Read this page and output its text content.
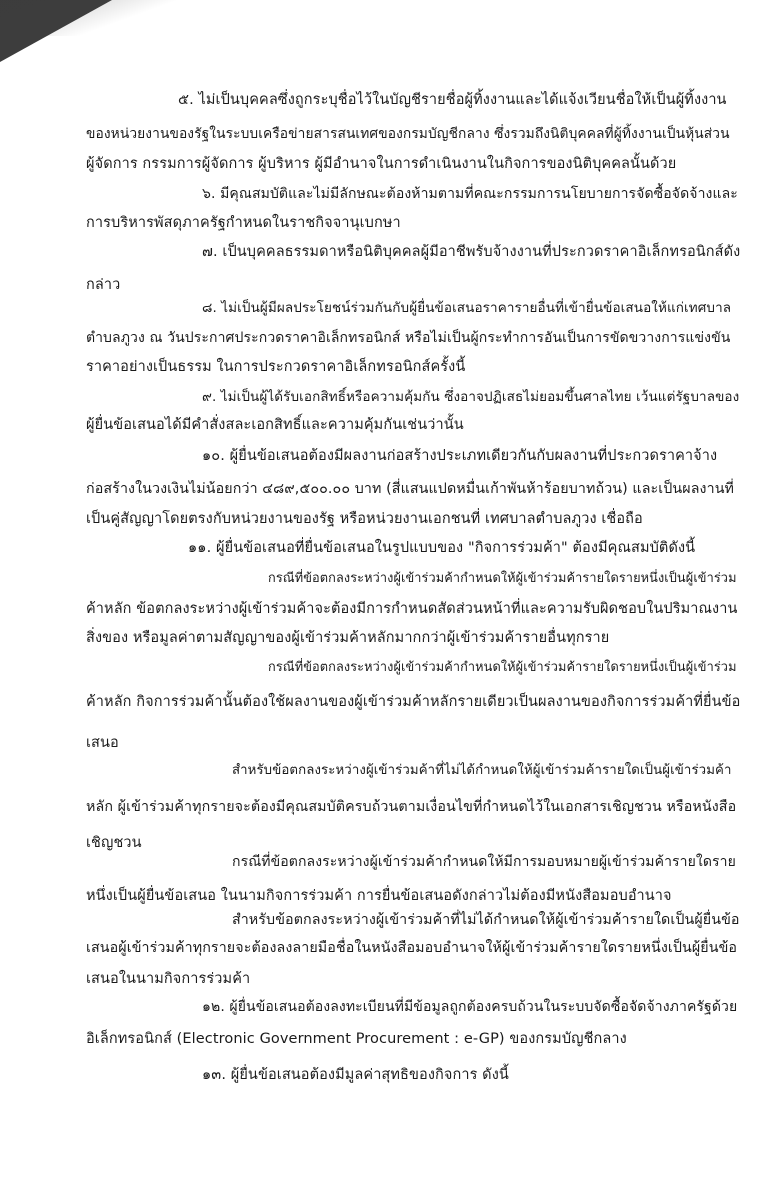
๕. ไม่เป็นบุคคลซึ่งถูกระบุชื่อไว้ในบัญชีรายชื่อผู้ทิ้งงานและได้แจ้งเวียนชื่อให้เป็นผู้ทิ้งงาน
ของหน่วยงานของรัฐในระบบเครือข่ายสารสนเทศของกรมบัญชีกลาง ซึ่งรวมถึงนิติบุคคลที่ผู้ทิ้งงานเป็นหุ้นส่วน
ผู้จัดการ กรรมการผู้จัดการ ผู้บริหาร ผู้มีอำนาจในการดำเนินงานในกิจการของนิติบุคคลนั้นด้วย
๖. มีคุณสมบัติและไม่มีลักษณะต้องห้ามตามที่คณะกรรมการนโยบายการจัดซื้อจัดจ้างและ
การบริหารพัสดุภาครัฐกำหนดในราชกิจจานุเบกษา
๗. เป็นบุคคลธรรมดาหรือนิติบุคคลผู้มีอาชีพรับจ้างงานที่ประกวดราคาอิเล็กทรอนิกส์ดัง
กล่าว
๘. ไม่เป็นผู้มีผลประโยชน์ร่วมกันกับผู้ยื่นข้อเสนอราคารายอื่นที่เข้ายื่นข้อเสนอให้แก่เทศบาล
ตำบลภูวง ณ วันประกาศประกวดราคาอิเล็กทรอนิกส์ หรือไม่เป็นผู้กระทำการอันเป็นการขัดขวางการแข่งขัน
ราคาอย่างเป็นธรรม ในการประกวดราคาอิเล็กทรอนิกส์ครั้งนี้
๙. ไม่เป็นผู้ได้รับเอกสิทธิ์หรือความคุ้มกัน ซึ่งอาจปฏิเสธไม่ยอมขึ้นศาลไทย เว้นแต่รัฐบาลของ
ผู้ยื่นข้อเสนอได้มีคำสั่งสละเอกสิทธิ์และความคุ้มกันเช่นว่านั้น
๑๐. ผู้ยื่นข้อเสนอต้องมีผลงานก่อสร้างประเภทเดียวกันกับผลงานที่ประกวดราคาจ้าง
ก่อสร้างในวงเงินไม่น้อยกว่า ๔๘๙,๕๐๐.๐๐ บาท (สี่แสนแปดหมื่นเก้าพันห้าร้อยบาทถ้วน) และเป็นผลงานที่
เป็นคู่สัญญาโดยตรงกับหน่วยงานของรัฐ หรือหน่วยงานเอกชนที่ เทศบาลตำบลภูวง เชื่อถือ
๑๑. ผู้ยื่นข้อเสนอที่ยื่นข้อเสนอในรูปแบบของ "กิจการร่วมค้า" ต้องมีคุณสมบัติดังนี้
กรณีที่ข้อตกลงระหว่างผู้เข้าร่วมค้ากำหนดให้ผู้เข้าร่วมค้ารายใดรายหนึ่งเป็นผู้เข้าร่วม
ค้าหลัก ข้อตกลงระหว่างผู้เข้าร่วมค้าจะต้องมีการกำหนดสัดส่วนหน้าที่และความรับผิดชอบในปริมาณงาน
สิ่งของ หรือมูลค่าตามสัญญาของผู้เข้าร่วมค้าหลักมากกว่าผู้เข้าร่วมค้ารายอื่นทุกราย
กรณีที่ข้อตกลงระหว่างผู้เข้าร่วมค้ากำหนดให้ผู้เข้าร่วมค้ารายใดรายหนึ่งเป็นผู้เข้าร่วม
ค้าหลัก กิจการร่วมค้านั้นต้องใช้ผลงานของผู้เข้าร่วมค้าหลักรายเดียวเป็นผลงานของกิจการร่วมค้าที่ยื่นข้อ
เสนอ
สำหรับข้อตกลงระหว่างผู้เข้าร่วมค้าที่ไม่ได้กำหนดให้ผู้เข้าร่วมค้ารายใดเป็นผู้เข้าร่วมค้า
หลัก ผู้เข้าร่วมค้าทุกรายจะต้องมีคุณสมบัติครบถ้วนตามเงื่อนไขที่กำหนดไว้ในเอกสารเชิญชวน หรือหนังสือ
เชิญชวน
กรณีที่ข้อตกลงระหว่างผู้เข้าร่วมค้ากำหนดให้มีการมอบหมายผู้เข้าร่วมค้ารายใดราย
หนึ่งเป็นผู้ยื่นข้อเสนอ ในนามกิจการร่วมค้า การยื่นข้อเสนอดังกล่าวไม่ต้องมีหนังสือมอบอำนาจ
สำหรับข้อตกลงระหว่างผู้เข้าร่วมค้าที่ไม่ได้กำหนดให้ผู้เข้าร่วมค้ารายใดเป็นผู้ยื่นข้อ
เสนอผู้เข้าร่วมค้าทุกรายจะต้องลงลายมือชื่อในหนังสือมอบอำนาจให้ผู้เข้าร่วมค้ารายใดรายหนึ่งเป็นผู้ยื่นข้อ
เสนอในนามกิจการร่วมค้า
๑๒. ผู้ยื่นข้อเสนอต้องลงทะเบียนที่มีข้อมูลถูกต้องครบถ้วนในระบบจัดซื้อจัดจ้างภาครัฐด้วย
อิเล็กทรอนิกส์ (Electronic Government Procurement : e-GP) ของกรมบัญชีกลาง
๑๓. ผู้ยื่นข้อเสนอต้องมีมูลค่าสุทธิของกิจการ ดังนี้
